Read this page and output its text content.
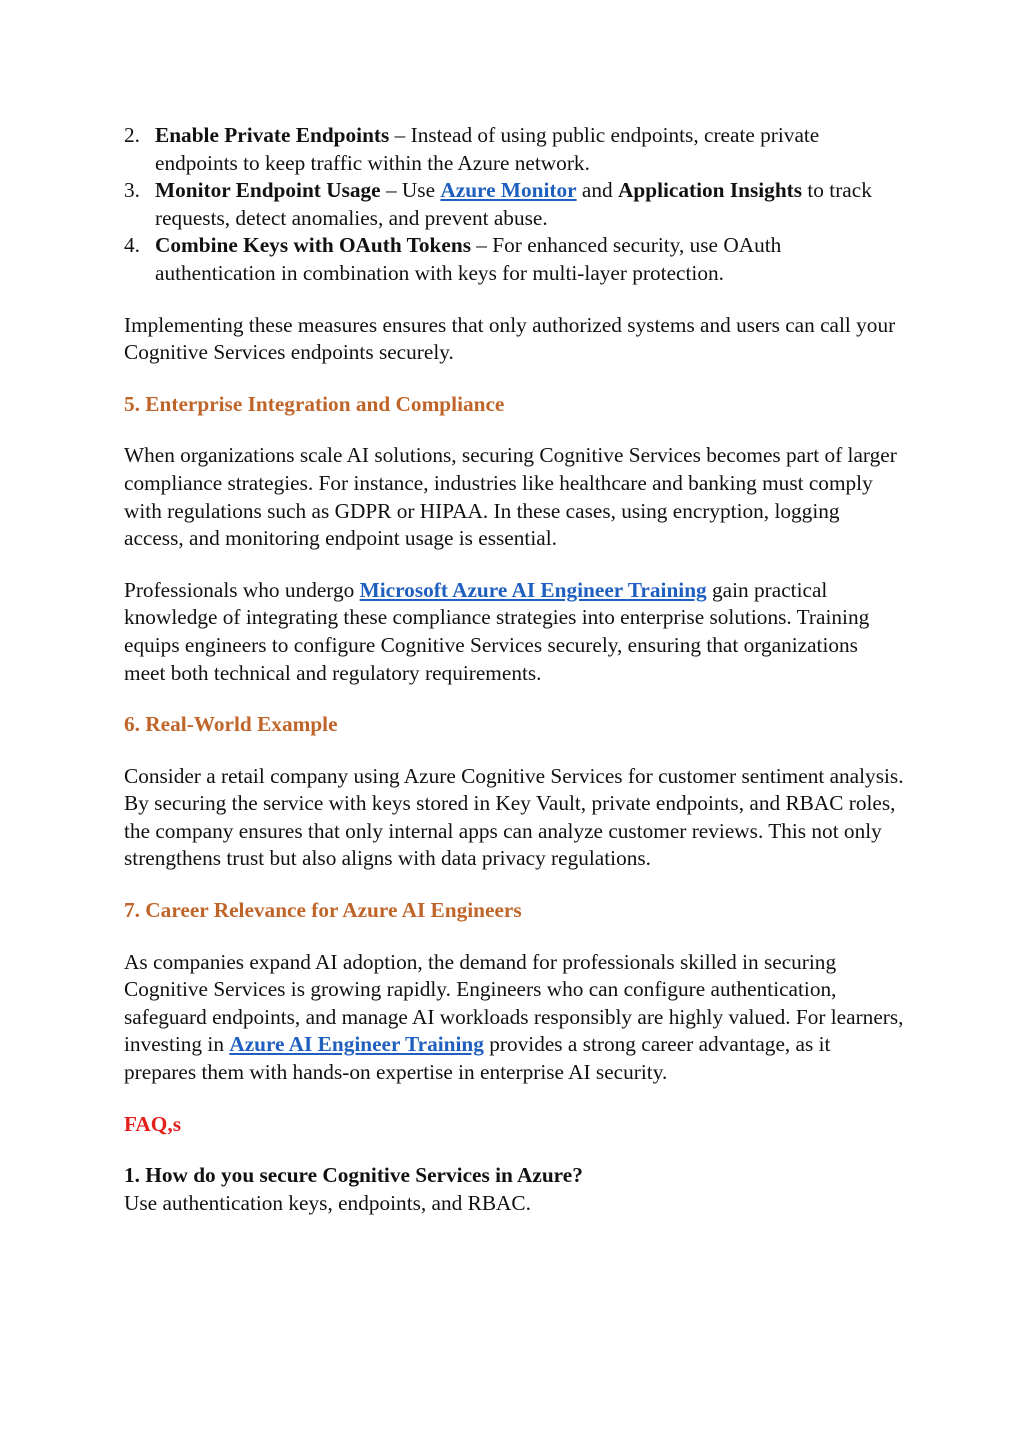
2. Enable Private Endpoints – Instead of using public endpoints, create private endpoints to keep traffic within the Azure network.
3. Monitor Endpoint Usage – Use Azure Monitor and Application Insights to track requests, detect anomalies, and prevent abuse.
4. Combine Keys with OAuth Tokens – For enhanced security, use OAuth authentication in combination with keys for multi-layer protection.

Implementing these measures ensures that only authorized systems and users can call your Cognitive Services endpoints securely.

5. Enterprise Integration and Compliance

When organizations scale AI solutions, securing Cognitive Services becomes part of larger compliance strategies. For instance, industries like healthcare and banking must comply with regulations such as GDPR or HIPAA. In these cases, using encryption, logging access, and monitoring endpoint usage is essential.

Professionals who undergo Microsoft Azure AI Engineer Training gain practical knowledge of integrating these compliance strategies into enterprise solutions. Training equips engineers to configure Cognitive Services securely, ensuring that organizations meet both technical and regulatory requirements.

6. Real-World Example

Consider a retail company using Azure Cognitive Services for customer sentiment analysis. By securing the service with keys stored in Key Vault, private endpoints, and RBAC roles, the company ensures that only internal apps can analyze customer reviews. This not only strengthens trust but also aligns with data privacy regulations.

7. Career Relevance for Azure AI Engineers

As companies expand AI adoption, the demand for professionals skilled in securing Cognitive Services is growing rapidly. Engineers who can configure authentication, safeguard endpoints, and manage AI workloads responsibly are highly valued. For learners, investing in Azure AI Engineer Training provides a strong career advantage, as it prepares them with hands-on expertise in enterprise AI security.

FAQ,s
1. How do you secure Cognitive Services in Azure?

Use authentication keys, endpoints, and RBAC.
